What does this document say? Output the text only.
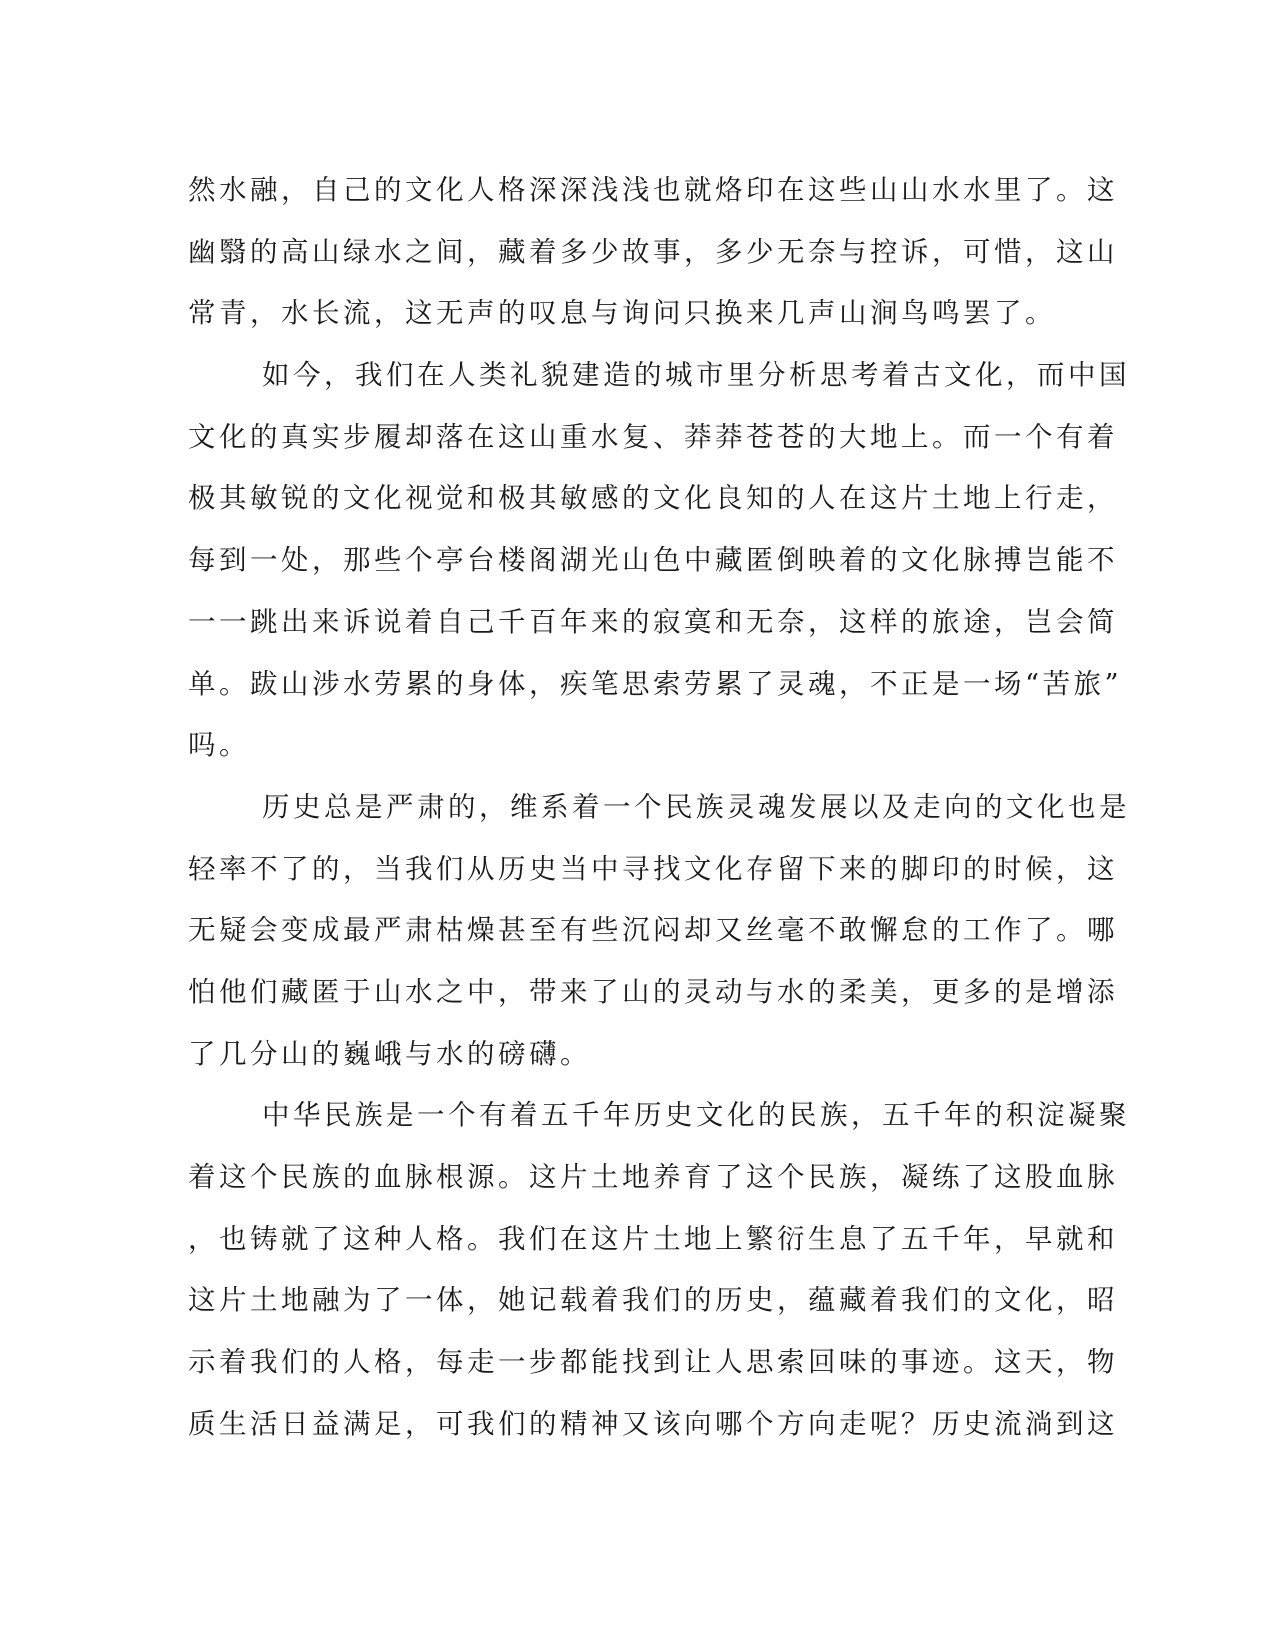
然水融，自己的文化人格深深浅浅也就烙印在这些山山水水里了。这
幽翳的高山绿水之间，藏着多少故事，多少无奈与控诉，可惜，这山
常青，水长流，这无声的叹息与询问只换来几声山涧鸟鸣罢了。
如今，我们在人类礼貌建造的城市里分析思考着古文化，而中国
文化的真实步履却落在这山重水复、莽莽苍苍的大地上。而一个有着
极其敏锐的文化视觉和极其敏感的文化良知的人在这片土地上行走，
每到一处，那些个亭台楼阁湖光山色中藏匿倒映着的文化脉搏岂能不
一一跳出来诉说着自己千百年来的寂寞和无奈，这样的旅途，岂会简
单。跋山涉水劳累的身体，疾笔思索劳累了灵魂，不正是一场“苦旅”
吗。
历史总是严肃的，维系着一个民族灵魂发展以及走向的文化也是
轻率不了的，当我们从历史当中寻找文化存留下来的脚印的时候，这
无疑会变成最严肃枯燥甚至有些沉闷却又丝毫不敢懈怠的工作了。哪
怕他们藏匿于山水之中，带来了山的灵动与水的柔美，更多的是增添
了几分山的巍峨与水的磅礴。
中华民族是一个有着五千年历史文化的民族，五千年的积淀凝聚
着这个民族的血脉根源。这片土地养育了这个民族，凝练了这股血脉
，也铸就了这种人格。我们在这片土地上繁衍生息了五千年，早就和
这片土地融为了一体，她记载着我们的历史，蕴藏着我们的文化，昭
示着我们的人格，每走一步都能找到让人思索回味的事迹。这天，物
质生活日益满足，可我们的精神又该向哪个方向走呢？历史流淌到这
